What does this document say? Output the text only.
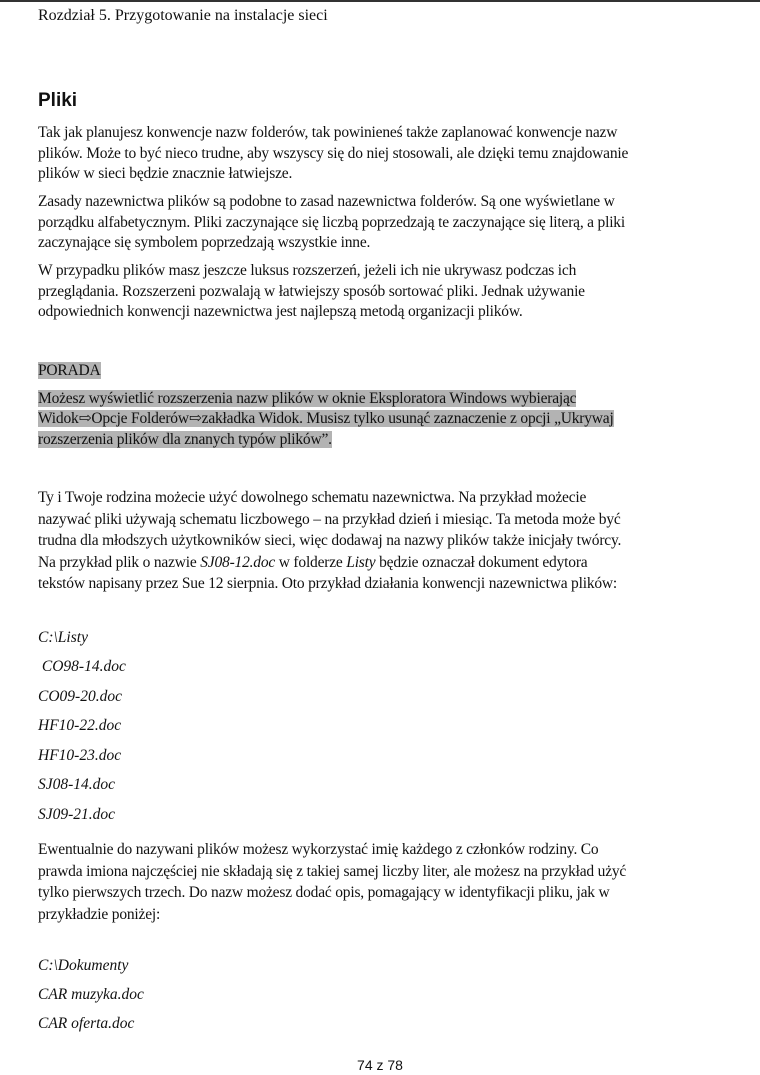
Rozdział 5. Przygotowanie na instalacje sieci
Pliki
Tak jak planujesz konwencje nazw folderów, tak powinieneś także zaplanować konwencje nazw
plików. Może to być nieco trudne, aby wszyscy się do niej stosowali, ale dzięki temu znajdowanie
plików w sieci będzie znacznie łatwiejsze.
Zasady nazewnictwa plików są podobne to zasad nazewnictwa folderów. Są one wyświetlane w
porządku alfabetycznym. Pliki zaczynające się liczbą poprzedzają te zaczynające się literą, a pliki
zaczynające się symbolem poprzedzają wszystkie inne.
W przypadku plików masz jeszcze luksus rozszerzeń, jeżeli ich nie ukrywasz podczas ich
przeglądania. Rozszerzeni pozwalają w łatwiejszy sposób sortować pliki. Jednak używanie
odpowiednich konwencji nazewnictwa jest najlepszą metodą organizacji plików.
PORADA
Możesz wyświetlić rozszerzenia nazw plików w oknie Eksploratora Windows wybierając
Widok⇨Opcje Folderów⇨zakładka Widok. Musisz tylko usunąć zaznaczenie z opcji „Ukrywaj
rozszerzenia plików dla znanych typów plików”.
Ty i Twoje rodzina możecie użyć dowolnego schematu nazewnictwa. Na przykład możecie
nazywać pliki używają schematu liczbowego – na przykład dzień i miesiąc. Ta metoda może być
trudna dla młodszych użytkowników sieci, więc dodawaj na nazwy plików także inicjały twórcy.
Na przykład plik o nazwie SJ08-12.doc w folderze Listy będzie oznaczał dokument edytora
tekstów napisany przez Sue 12 sierpnia. Oto przykład działania konwencji nazewnictwa plików:
C:\Listy
CO98-14.doc
CO09-20.doc
HF10-22.doc
HF10-23.doc
SJ08-14.doc
SJ09-21.doc
Ewentualnie do nazywani plików możesz wykorzystać imię każdego z członków rodziny. Co
prawda imiona najczęściej nie składają się z takiej samej liczby liter, ale możesz na przykład użyć
tylko pierwszych trzech. Do nazw możesz dodać opis, pomagający w identyfikacji pliku, jak w
przykładzie poniżej:
C:\Dokumenty
CAR muzyka.doc
CAR oferta.doc
74 z 78
